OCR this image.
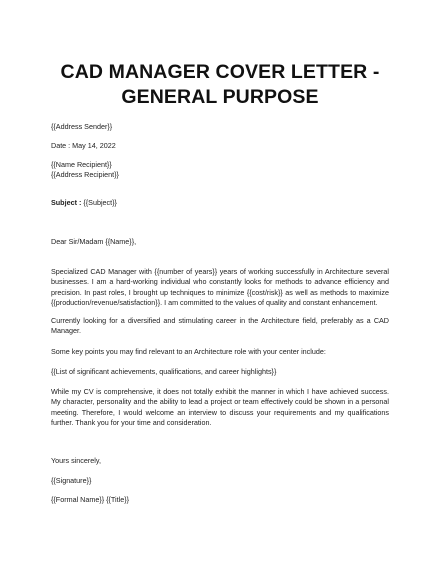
CAD MANAGER COVER LETTER - GENERAL PURPOSE
{{Address Sender}}
Date : May 14, 2022
{{Name Recipient}}
{{Address Recipient}}
Subject : {{Subject}}
Dear Sir/Madam {{Name}},
Specialized CAD Manager with {{number of years}} years of working successfully in Architecture several businesses. I am a hard-working individual who constantly looks for methods to advance efficiency and precision. In past roles, I brought up techniques to minimize {{cost/risk}} as well as methods to maximize {{production/revenue/satisfaction}}. I am committed to the values of quality and constant enhancement.
Currently looking for a diversified and stimulating career in the Architecture field, preferably as a CAD Manager.
Some key points you may find relevant to an Architecture role with your center include:
{{List of significant achievements, qualifications, and career highlights}}
While my CV is comprehensive, it does not totally exhibit the manner in which I have achieved success. My character, personality and the ability to lead a project or team effectively could be shown in a personal meeting. Therefore, I would welcome an interview to discuss your requirements and my qualifications further. Thank you for your time and consideration.
Yours sincerely,
{{Signature}}
{{Formal Name}} {{Title}}
